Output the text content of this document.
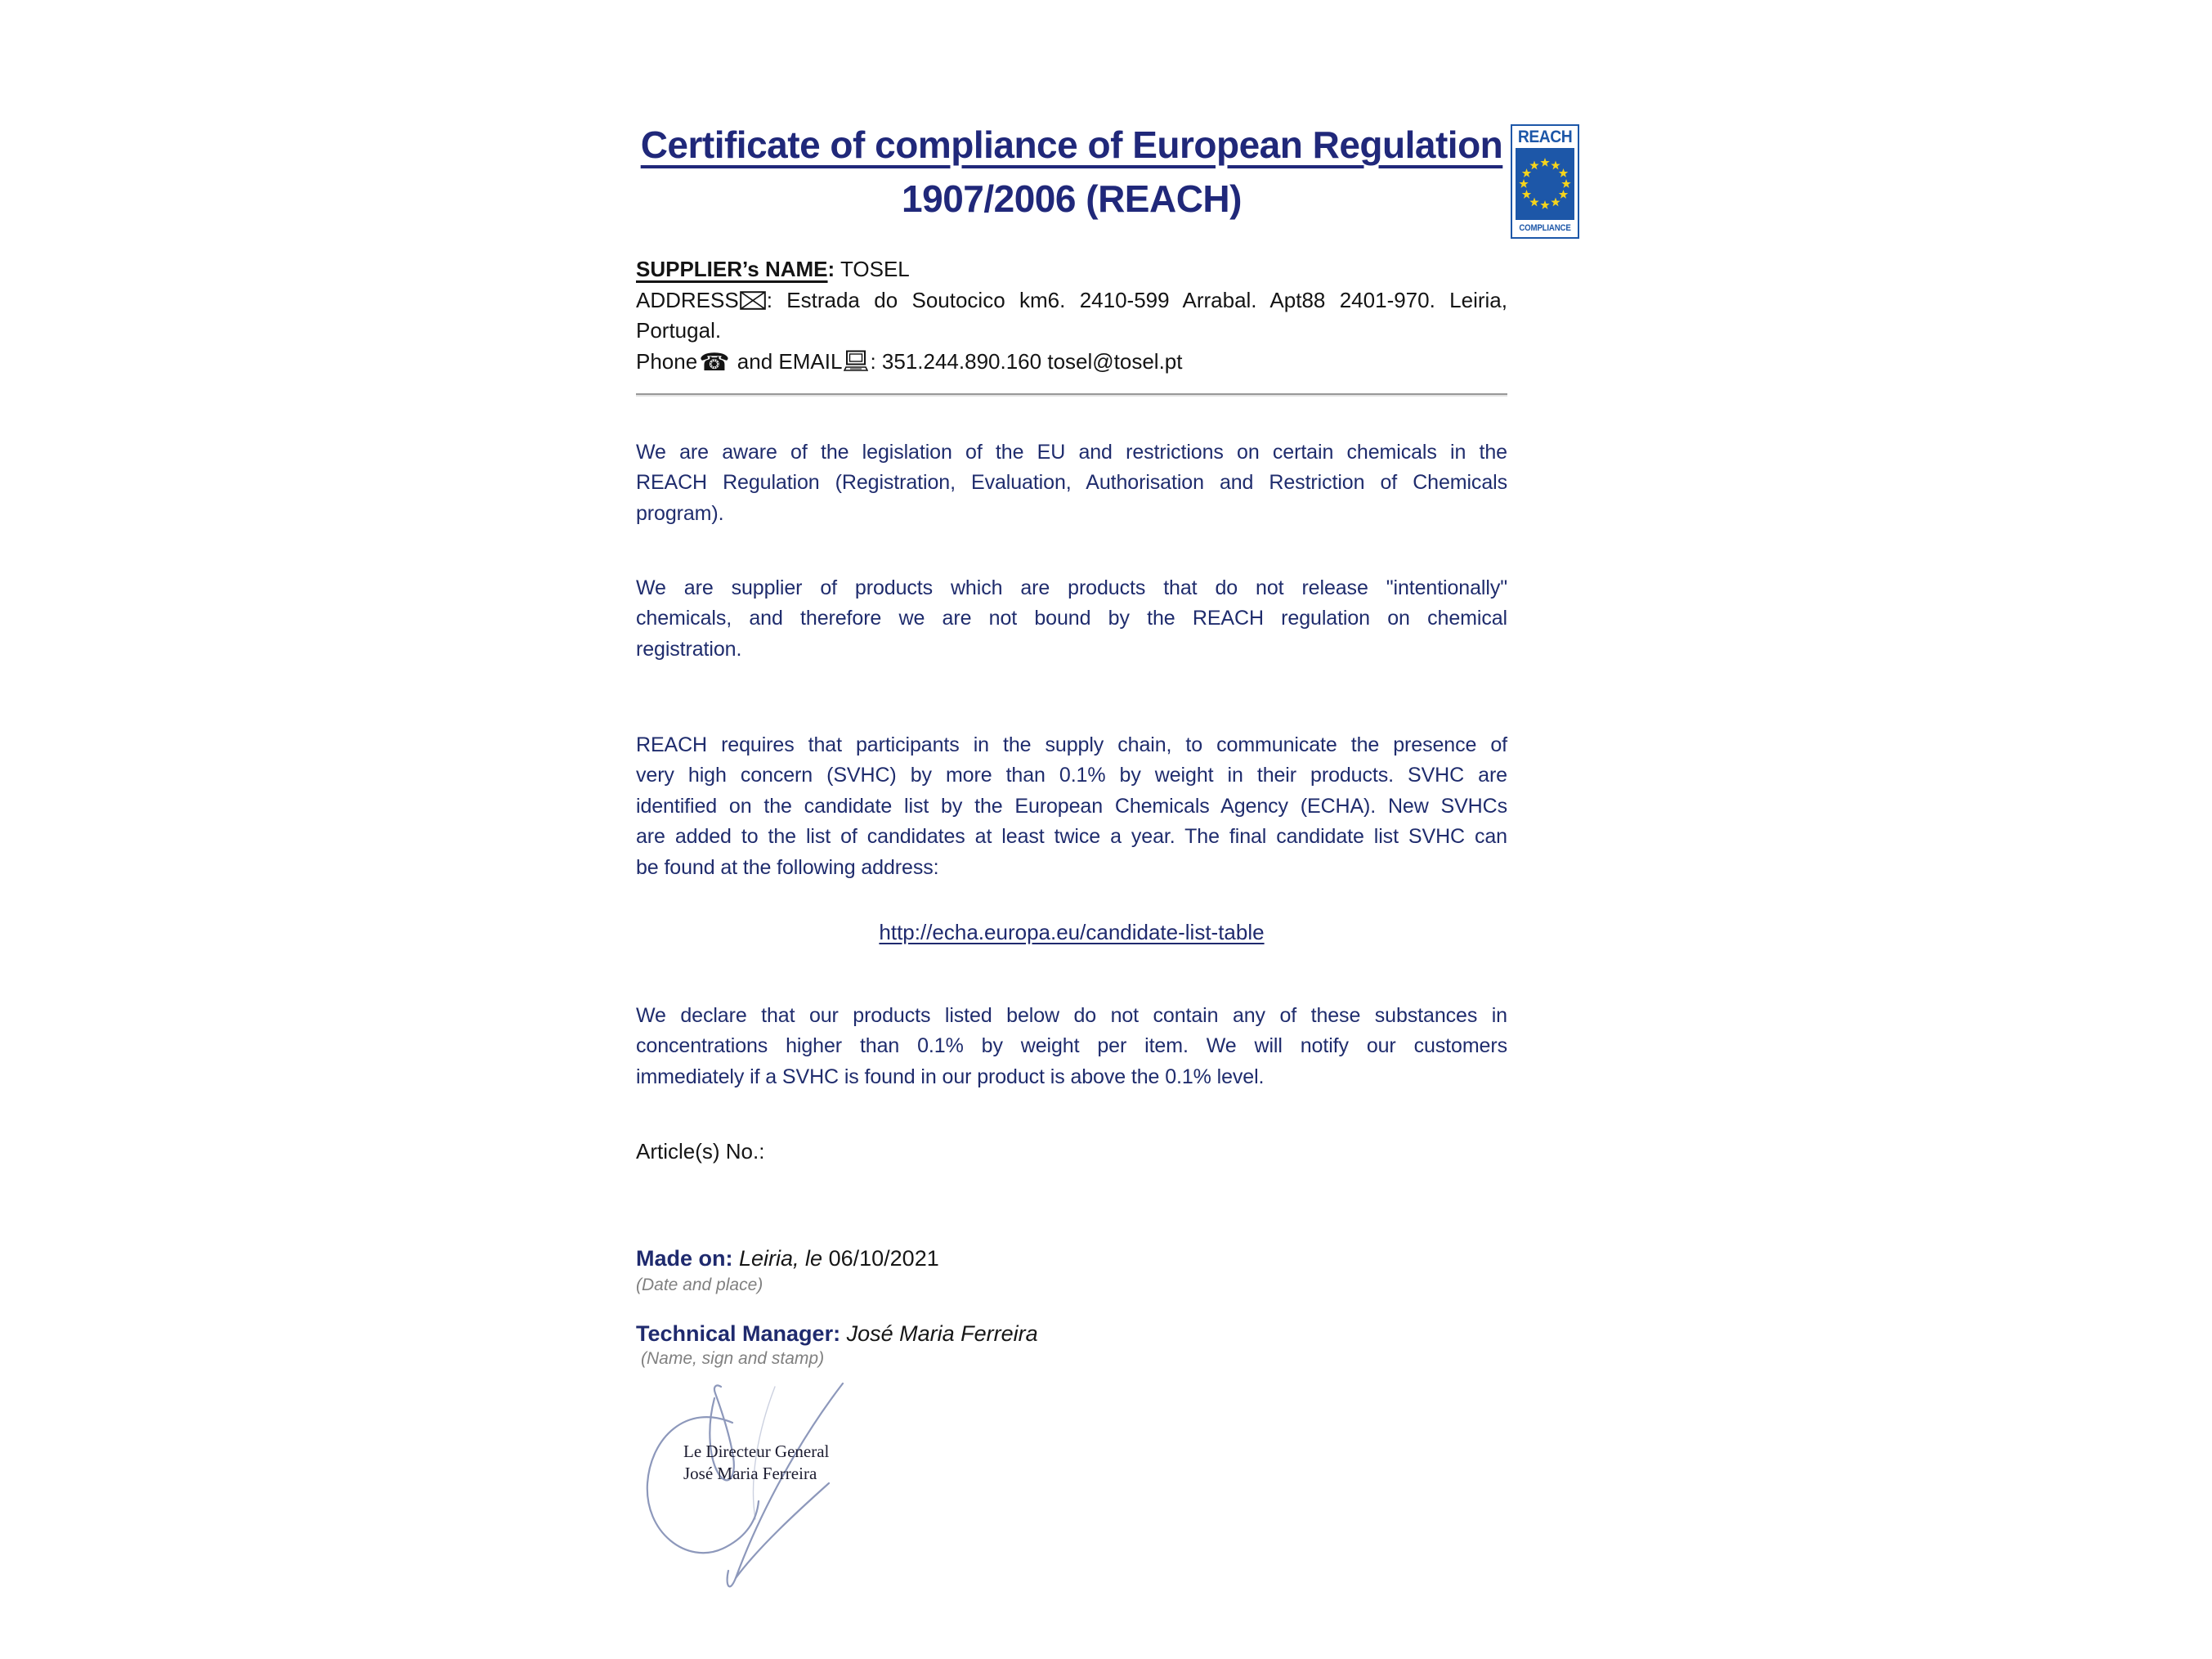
Certificate of compliance of European Regulation
1907/2006 (REACH)
SUPPLIER’s NAME: TOSEL
ADDRESS : Estrada do Soutocico km6. 2410-599 Arrabal. Apt88 2401-970. Leiria,
Portugal.
Phone☎ and EMAIL : 351.244.890.160 tosel@tosel.pt
We are aware of the legislation of the EU and restrictions on certain chemicals in the
REACH Regulation (Registration, Evaluation, Authorisation and Restriction of Chemicals
program).
We are supplier of products which are products that do not release "intentionally"
chemicals, and therefore we are not bound by the REACH regulation on chemical
registration.
REACH requires that participants in the supply chain, to communicate the presence of
very high concern (SVHC) by more than 0.1% by weight in their products. SVHC are
identified on the candidate list by the European Chemicals Agency (ECHA). New SVHCs
are added to the list of candidates at least twice a year. The final candidate list SVHC can
be found at the following address:
http://echa.europa.eu/candidate-list-table
We declare that our products listed below do not contain any of these substances in
concentrations higher than 0.1% by weight per item. We will notify our customers
immediately if a SVHC is found in our product is above the 0.1% level.
Article(s) No.:
Made on: Leiria, le 06/10/2021
(Date and place)
Technical Manager: José Maria Ferreira
(Name, sign and stamp)
Le Directeur General
José Maria Ferreira
REACH
COMPLIANCE
